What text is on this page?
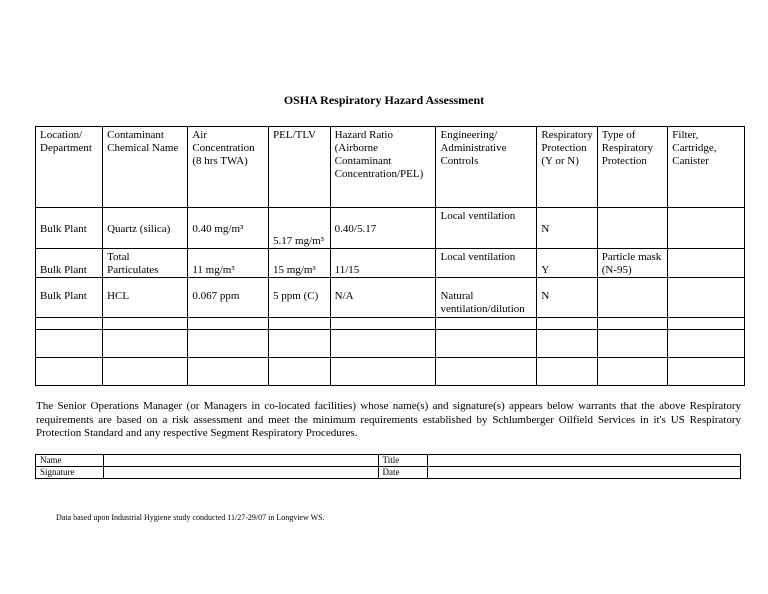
OSHA Respiratory Hazard Assessment
Location/ Department	Contaminant Chemical Name	Air Concentration (8 hrs TWA)	PEL/TLV	Hazard Ratio (Airborne Contaminant Concentration/PEL)	Engineering/ Administrative Controls	Respiratory Protection (Y or N)	Type of Respiratory Protection	Filter, Cartridge, Canister
Bulk Plant	Quartz (silica)	0.40 mg/m³	5.17 mg/m³	0.40/5.17	Local ventilation	N		
Bulk Plant	Total Particulates	11 mg/m³	15 mg/m³	11/15	Local ventilation	Y	Particle mask (N-95)	
Bulk Plant	HCL	0.067 ppm	5 ppm (C)	N/A	Natural ventilation/dilution	N		

The Senior Operations Manager (or Managers in co-located facilities) whose name(s) and signature(s) appears below warrants that the above Respiratory requirements are based on a risk assessment and meet the minimum requirements established by Schlumberger Oilfield Services in it's US Respiratory Protection Standard and any respective Segment Respiratory Procedures.
Name		Title	
Signature		Date	
Data based upon Industrial Hygiene study conducted 11/27-29/07 in Longview WS.
